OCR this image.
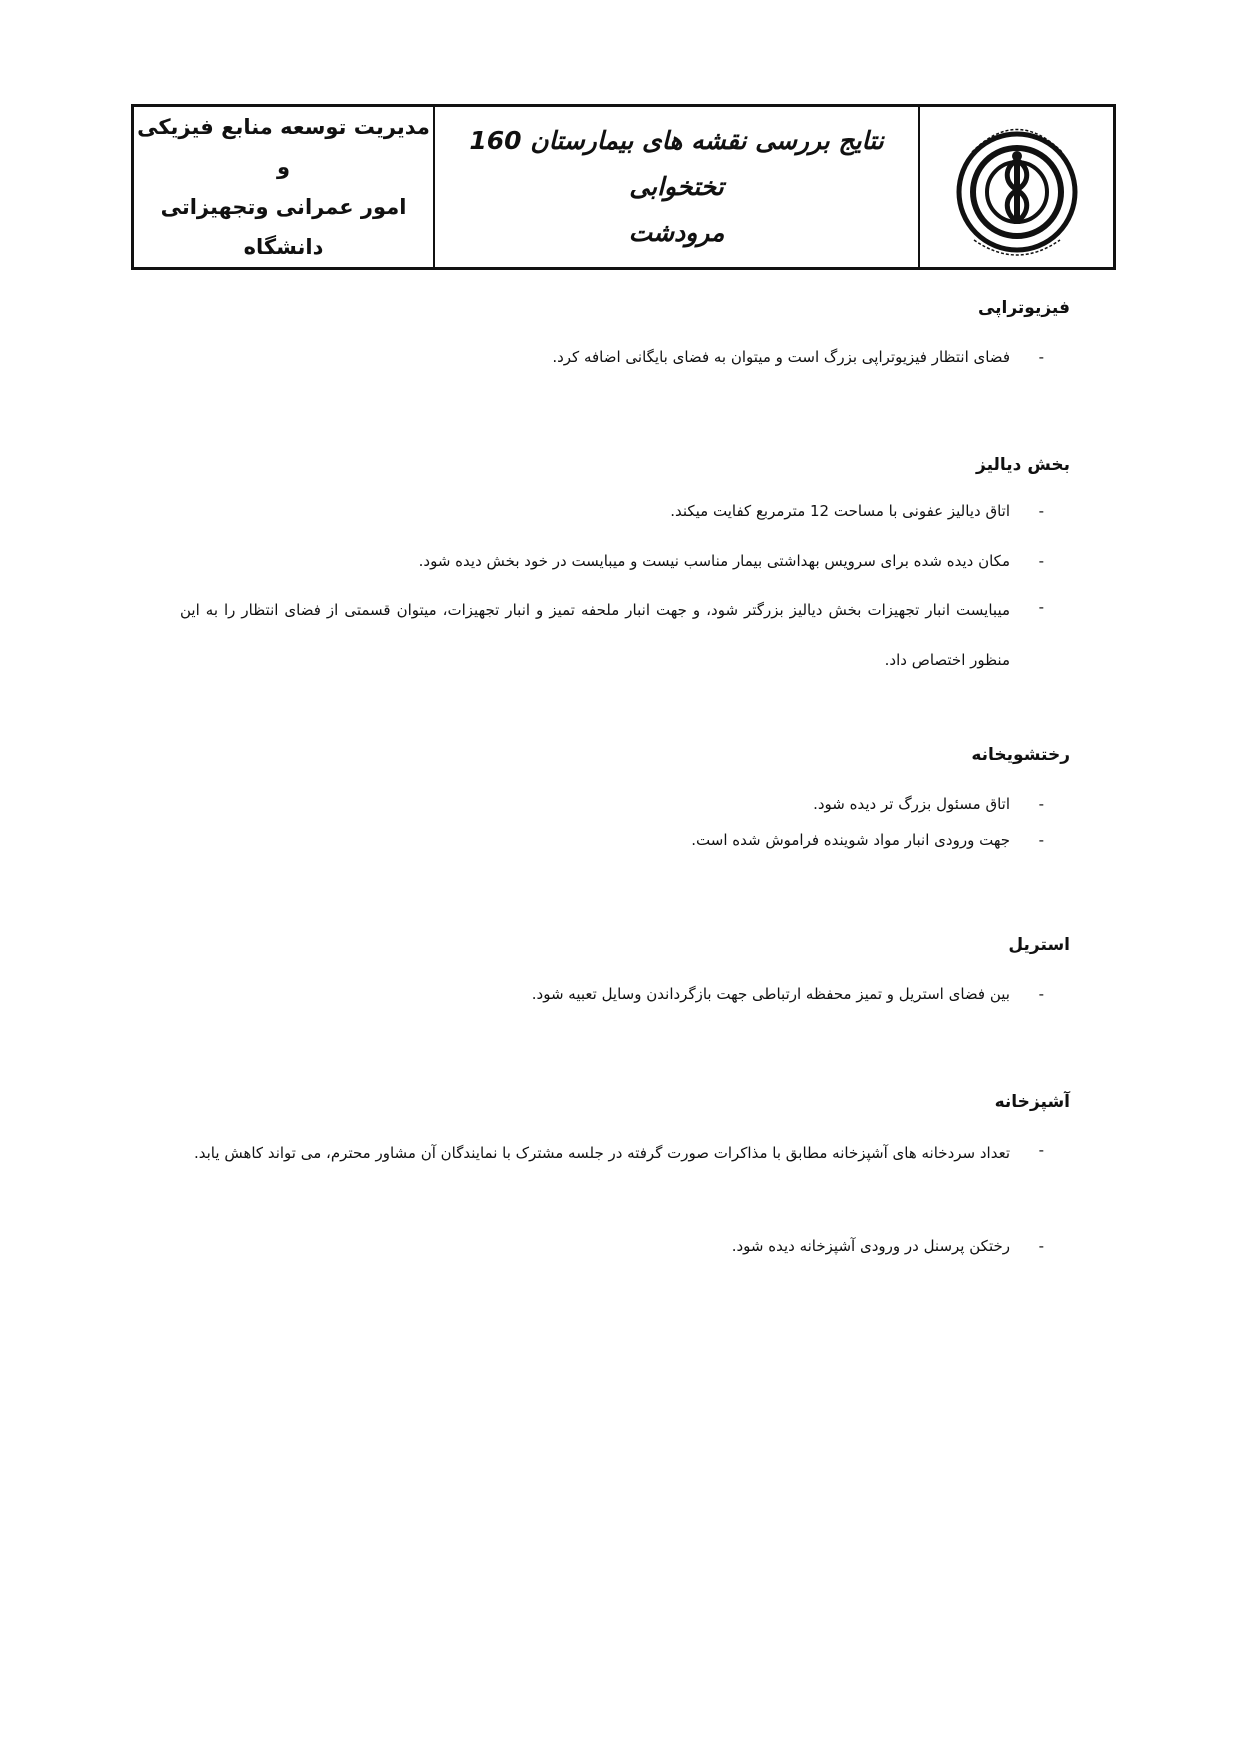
نتایج بررسی نقشه های بیمارستان 160 تختخوابی
مرودشت
مدیریت توسعه منابع فیزیکی و
امور عمرانی وتجهیزاتی دانشگاه
فیزیوتراپی
-
فضای انتظار فیزیوتراپی بزرگ است و میتوان به فضای بایگانی اضافه کرد.
بخش دیالیز
-
اتاق دیالیز عفونی با مساحت 12 مترمربع کفایت میکند.
-
مکان دیده شده برای سرویس بهداشتی بیمار مناسب نیست و میبایست در خود بخش دیده شود.
-
میبایست انبار تجهیزات بخش دیالیز بزرگتر شود، و جهت انبار ملحفه تمیز و انبار تجهیزات، میتوان قسمتی از فضای انتظار را به این منظور اختصاص داد.
رختشویخانه
-
اتاق مسئول بزرگ تر دیده شود.
-
جهت ورودی انبار مواد شوینده فراموش شده است.
استریل
-
بین فضای استریل و تمیز محفظه ارتباطی جهت بازگرداندن وسایل تعبیه شود.
آشپزخانه
-
تعداد سردخانه های آشپزخانه مطابق با مذاکرات صورت گرفته در جلسه مشترک با نمایندگان آن مشاور محترم، می تواند کاهش یابد.
-
رختکن پرسنل در ورودی آشپزخانه دیده شود.
